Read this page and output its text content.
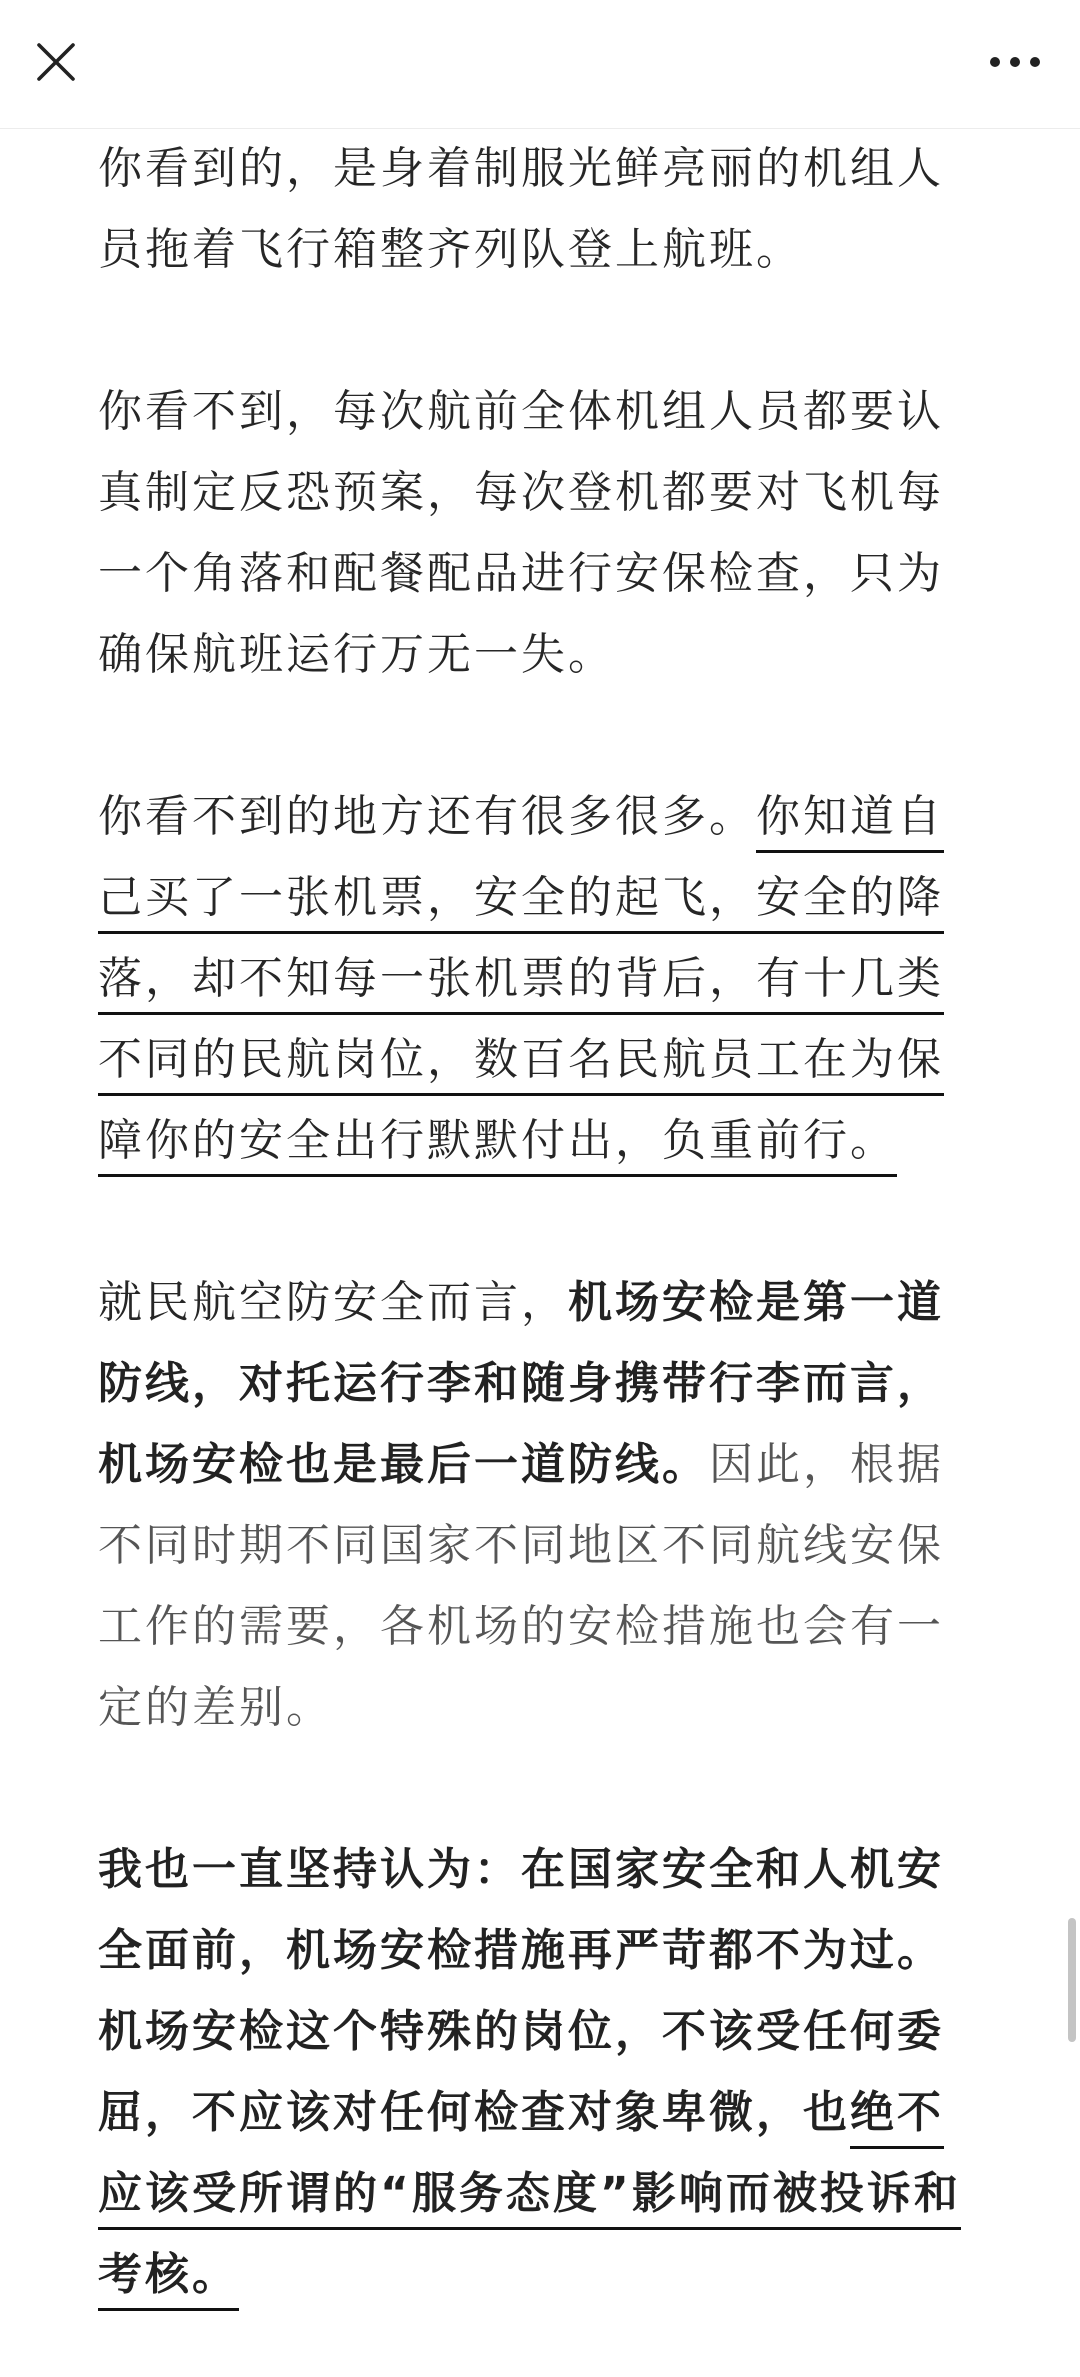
你看到的，是身着制服光鲜亮丽的机组人员拖着飞行箱整齐列队登上航班。

你看不到，每次航前全体机组人员都要认真制定反恐预案，每次登机都要对飞机每一个角落和配餐配品进行安保检查，只为确保航班运行万无一失。

你看不到的地方还有很多很多。你知道自己买了一张机票，安全的起飞，安全的降落，却不知每一张机票的背后，有十几类不同的民航岗位，数百名民航员工在为保障你的安全出行默默付出，负重前行。

就民航空防安全而言，机场安检是第一道防线，对托运行李和随身携带行李而言，机场安检也是最后一道防线。因此，根据不同时期不同国家不同地区不同航线安保工作的需要，各机场的安检措施也会有一定的差别。

我也一直坚持认为：在国家安全和人机安全面前，机场安检措施再严苛都不为过。机场安检这个特殊的岗位，不该受任何委屈，不应该对任何检查对象卑微，也绝不应该受所谓的“服务态度”影响而被投诉和考核。
